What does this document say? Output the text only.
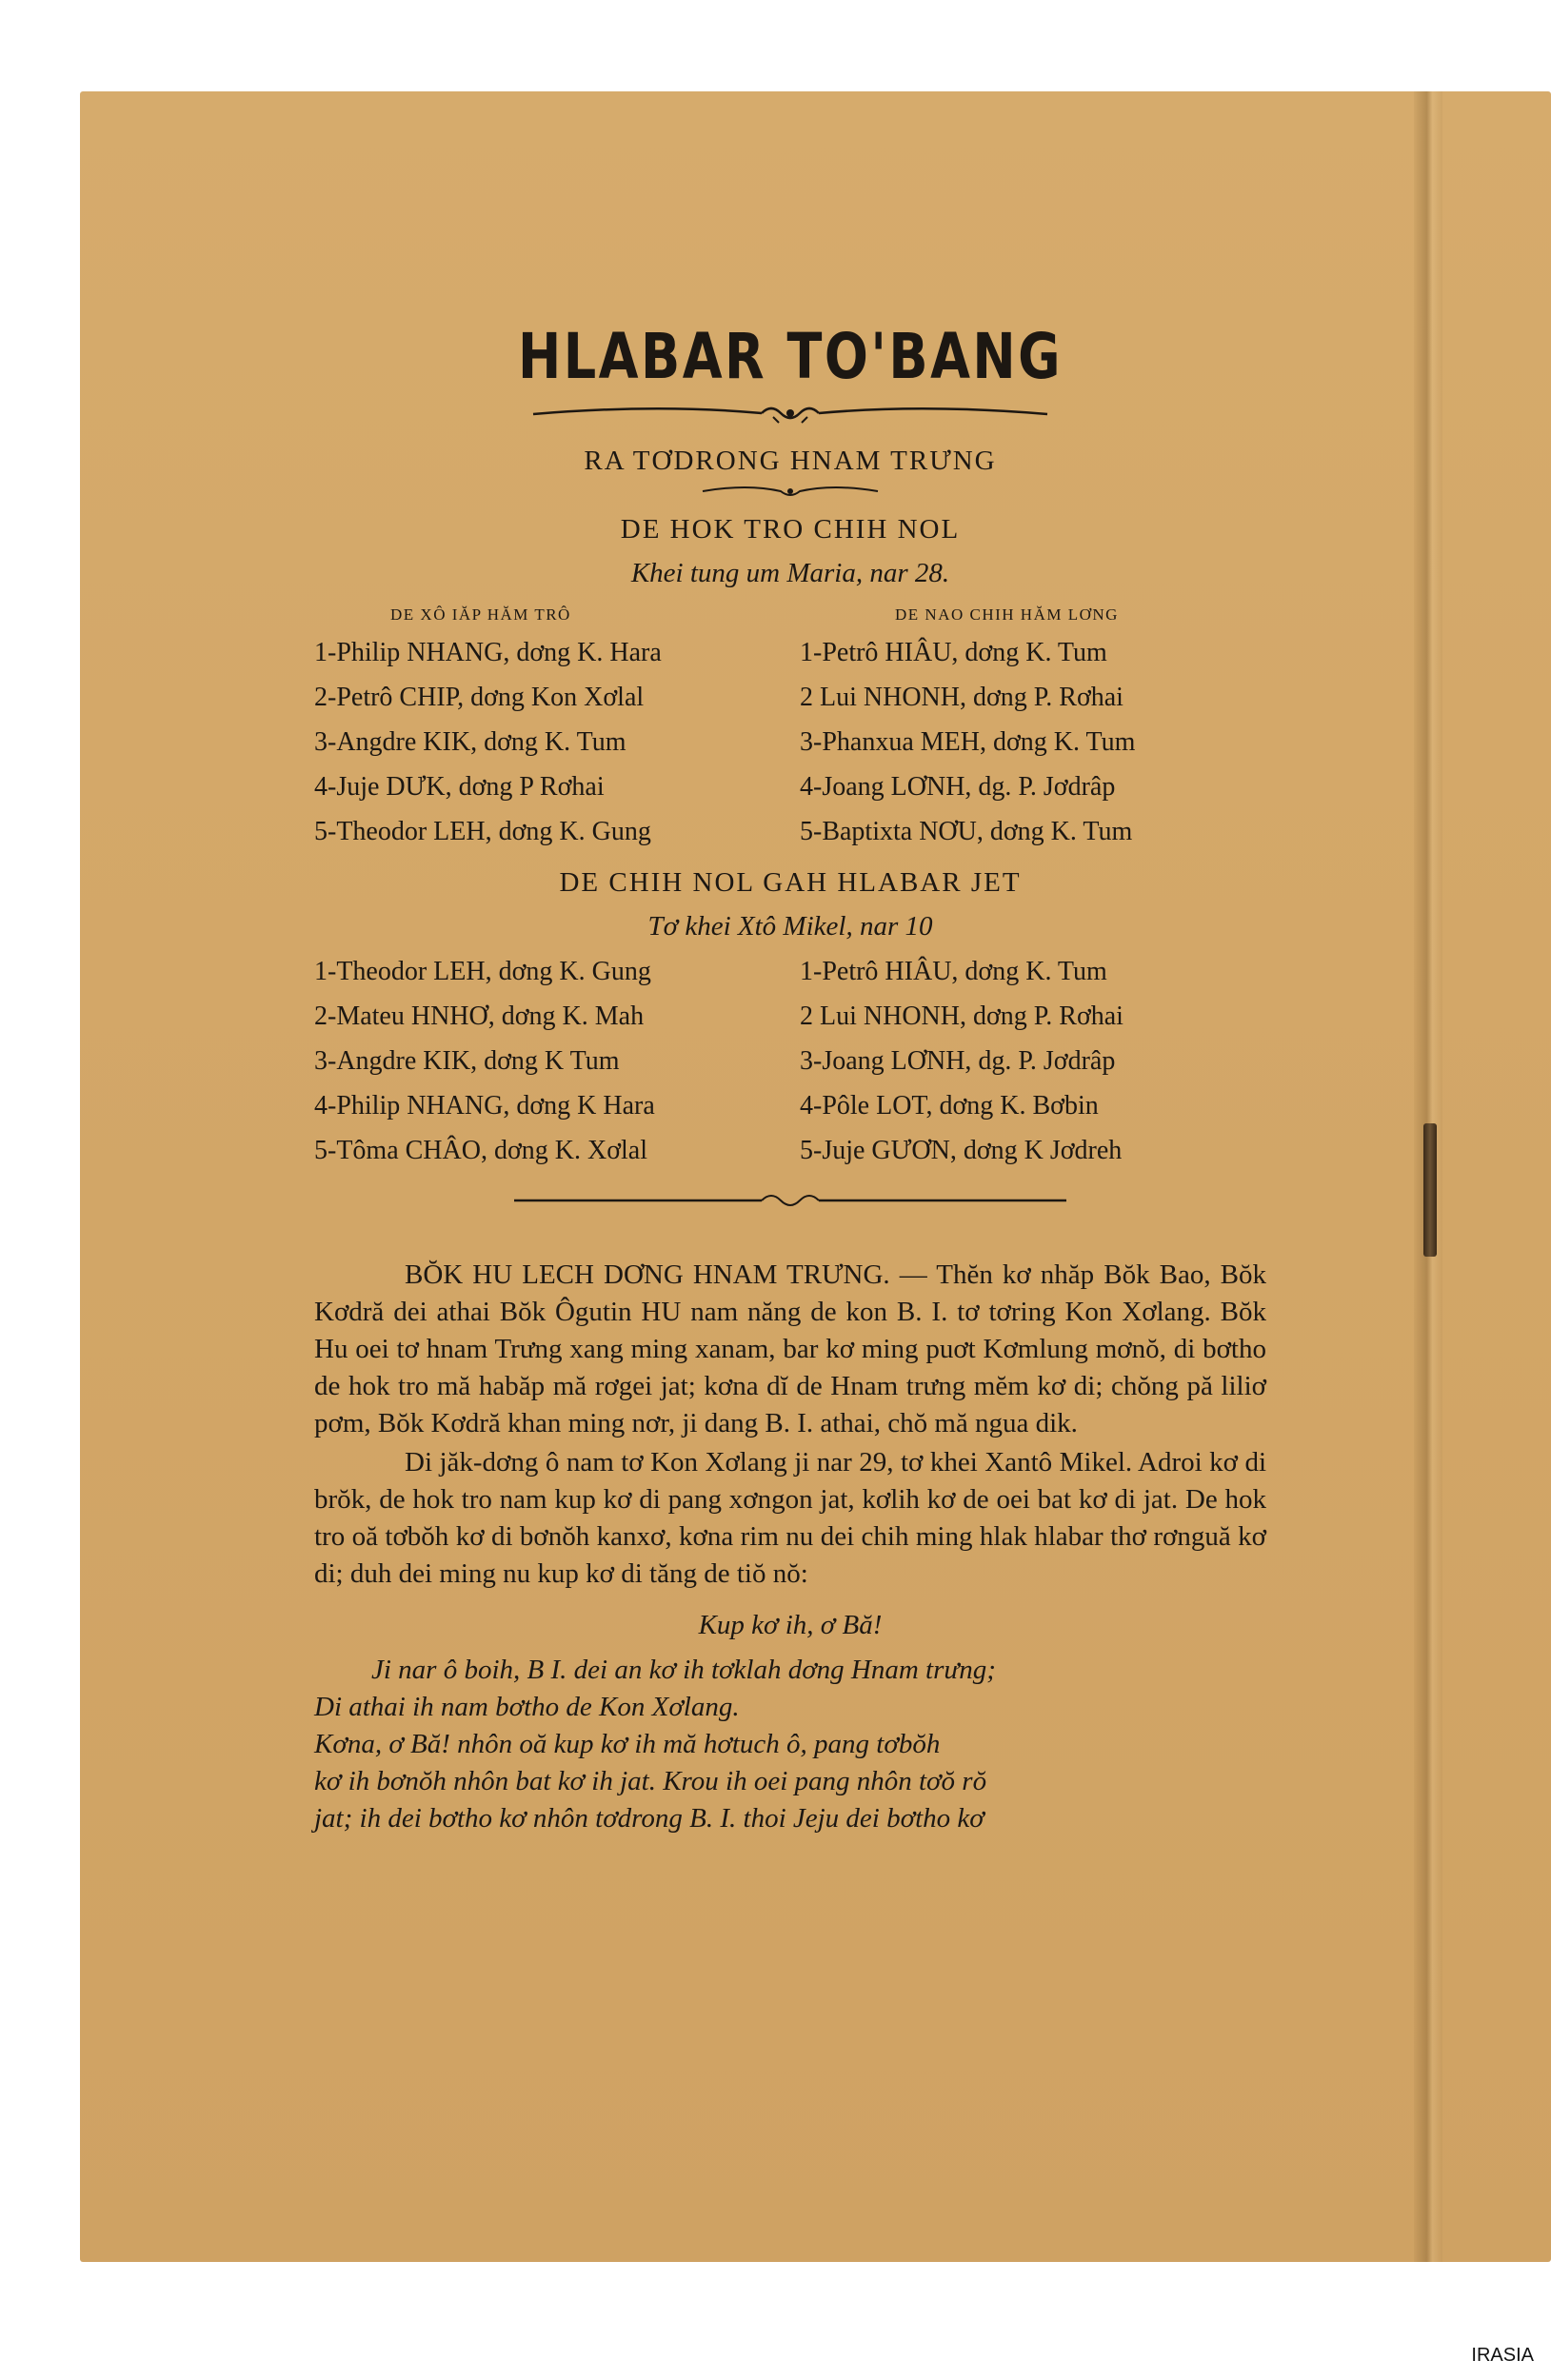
HLABAR TO'BANG
RA TƠDRONG HNAM TRƯNG
DE HOK TRO CHIH NOL
Khei tung um Maria, nar 28.
DE XÔ IĂP HĂM TRÔ
1-Philip NHANG, dơng K. Hara
2-Petrô CHIP, dơng Kon Xơlal
3-Angdre KIK, dơng K. Tum
4-Juje DƯK, dơng P Rơhai
5-Theodor LEH, dơng K. Gung
DE NAO CHIH HĂM LƠNG
1-Petrô HIÂU, dơng K. Tum
2 Lui NHONH, dơng P. Rơhai
3-Phanxua MEH, dơng K. Tum
4-Joang LƠNH, dg. P. Jơdrâp
5-Baptixta NƠU, dơng K. Tum
DE CHIH NOL GAH HLABAR JET
Tơ khei Xtô Mikel, nar 10
1-Theodor LEH, dơng K. Gung
2-Mateu HNHƠ, dơng K. Mah
3-Angdre KIK, dơng K Tum
4-Philip NHANG, dơng K Hara
5-Tôma CHÂO, dơng K. Xơlal
1-Petrô HIÂU, dơng K. Tum
2 Lui NHONH, dơng P. Rơhai
3-Joang LƠNH, dg. P. Jơdrâp
4-Pôle LOT, dơng K. Bơbin
5-Juje GƯƠN, dơng K Jơdreh

BŎK HU LECH DƠNG HNAM TRƯNG. — Thĕn kơ nhăp Bŏk Bao, Bŏk Kơdră dei athai Bŏk Ôgutin HU nam năng de kon B. I. tơ tơring Kon Xơlang. Bŏk Hu oei tơ hnam Trưng xang ming xanam, bar kơ ming puơt Kơmlung mơnŏ, di bơtho de hok tro mă habăp mă rơgei jat; kơna dĭ de Hnam trưng mĕm kơ di; chŏng pă liliơ pơm, Bŏk Kơdră khan ming nơr, ji dang B. I. athai, chŏ mă ngua dik.

Di jăk-dơng ô nam tơ Kon Xơlang ji nar 29, tơ khei Xantô Mikel. Adroi kơ di brŏk, de hok tro nam kup kơ di pang xơngon jat, kơlih kơ de oei bat kơ di jat. De hok tro oă tơbŏh kơ di bơnŏh kanxơ, kơna rim nu dei chih ming hlak hlabar thơ rơnguă kơ di; duh dei ming nu kup kơ di tăng de tiŏ nŏ:

Kup kơ ih, ơ Bă!

Ji nar ô boih, B I. dei an kơ ih tơklah dơng Hnam trưng;

Di athai ih nam bơtho de Kon Xơlang.

Kơna, ơ Bă! nhôn oă kup kơ ih mă hơtuch ô, pang tơbŏh

kơ ih bơnŏh nhôn bat kơ ih jat. Krou ih oei pang nhôn tơŏ rŏ

jat; ih dei bơtho kơ nhôn tơdrong B. I. thoi Jeju dei bơtho kơ

IRASIA
